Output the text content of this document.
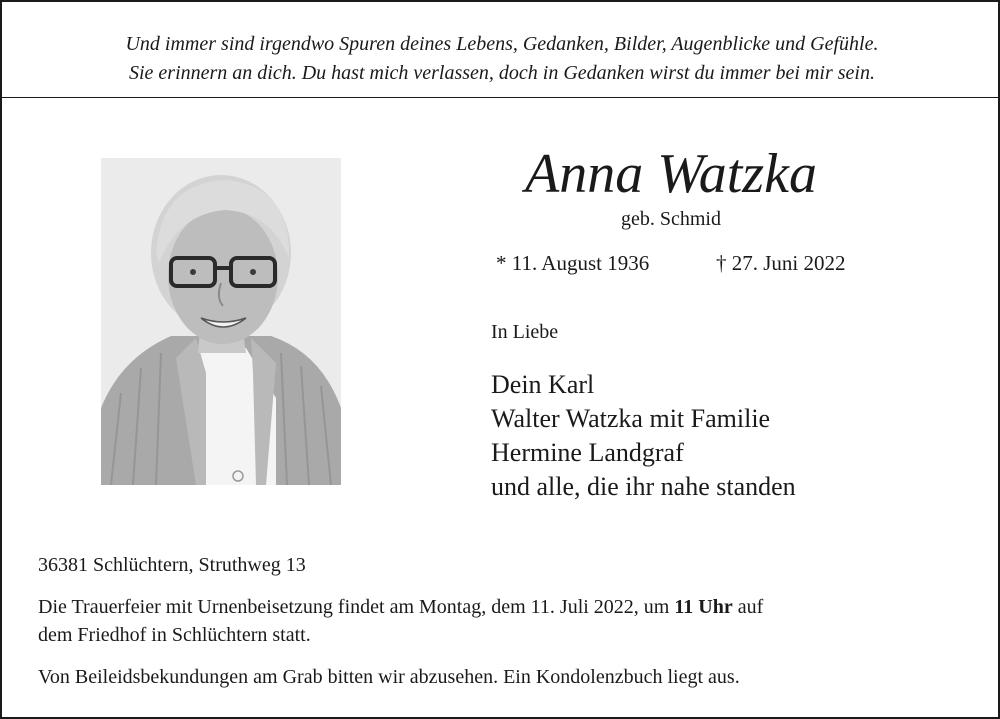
Und immer sind irgendwo Spuren deines Lebens, Gedanken, Bilder, Augenblicke und Gefühle.
Sie erinnern an dich. Du hast mich verlassen, doch in Gedanken wirst du immer bei mir sein.
Anna Watzka
geb. Schmid
* 11. August 1936	† 27. Juni 2022
In Liebe
Dein Karl
Walter Watzka mit Familie
Hermine Landgraf
und alle, die ihr nahe standen
36381 Schlüchtern, Struthweg 13
Die Trauerfeier mit Urnenbeisetzung findet am Montag, dem 11. Juli 2022, um 11 Uhr auf
dem Friedhof in Schlüchtern statt.
Von Beileidsbekundungen am Grab bitten wir abzusehen. Ein Kondolenzbuch liegt aus.
